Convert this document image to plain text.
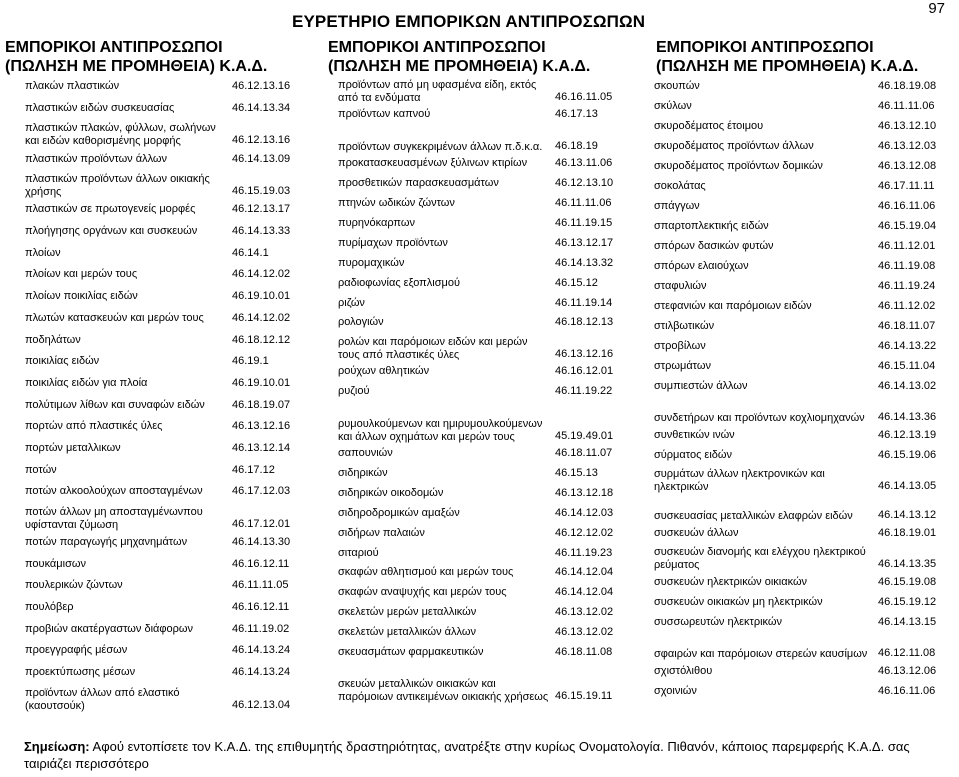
97
ΕΥΡΕΤΗΡΙΟ ΕΜΠΟΡΙΚΩΝ ΑΝΤΙΠΡΟΣΩΠΩΝ
ΕΜΠΟΡΙΚΟΙ ΑΝΤΙΠΡΟΣΩΠΟΙ
(ΠΩΛΗΣΗ ΜΕ ΠΡΟΜΗΘΕΙΑ) Κ.Α.Δ.
ΕΜΠΟΡΙΚΟΙ ΑΝΤΙΠΡΟΣΩΠΟΙ
(ΠΩΛΗΣΗ ΜΕ ΠΡΟΜΗΘΕΙΑ) Κ.Α.Δ.
ΕΜΠΟΡΙΚΟΙ ΑΝΤΙΠΡΟΣΩΠΟΙ
(ΠΩΛΗΣΗ ΜΕ ΠΡΟΜΗΘΕΙΑ) Κ.Α.Δ.
πλακών πλαστικών	46.12.13.16
πλαστικών ειδών συσκευασίας	46.14.13.34
πλαστικών πλακών, φύλλων, σωλήνων και ειδών καθορισμένης μορφής	46.12.13.16
πλαστικών προϊόντων άλλων	46.14.13.09
πλαστικών προϊόντων άλλων οικιακής χρήσης	46.15.19.03
πλαστικών σε πρωτογενείς μορφές	46.12.13.17
πλοήγησης οργάνων και συσκευών	46.14.13.33
πλοίων	46.14.1
πλοίων και μερών τους	46.14.12.02
πλοίων ποικιλίας ειδών	46.19.10.01
πλωτών κατασκευών και μερών τους	46.14.12.02
ποδηλάτων	46.18.12.12
ποικιλίας ειδών	46.19.1
ποικιλίας ειδών για πλοία	46.19.10.01
πολύτιμων λίθων και συναφών ειδών	46.18.19.07
πορτών από πλαστικές ύλες	46.13.12.16
πορτών μεταλλικων	46.13.12.14
ποτών	46.17.12
ποτών αλκοολούχων αποσταγμένων	46.17.12.03
ποτών άλλων μη αποσταγμένωνπου υφίστανται ζύμωση	46.17.12.01
ποτών παραγωγής μηχανημάτων	46.14.13.30
πουκάμισων	46.16.12.11
πουλερικών ζώντων	46.11.11.05
πουλόβερ	46.16.12.11
προβιών ακατέργαστων διάφορων	46.11.19.02
προεγγραφής μέσων	46.14.13.24
προεκτύπωσης μέσων	46.14.13.24
προϊόντων άλλων από ελαστικό (καουτσούκ)	46.12.13.04
προϊόντων από μη υφασμένα είδη, εκτός από τα ενδύματα	46.16.11.05
προϊόντων καπνού	46.17.13
προϊόντων συγκεκριμένων άλλων π.δ.κ.α.	46.18.19
προκατασκευασμένων ξύλινων κτιρίων	46.13.11.06
προσθετικών παρασκευασμάτων	46.12.13.10
πτηνών ωδικών ζώντων	46.11.11.06
πυρηνόκαρπων	46.11.19.15
πυρίμαχων προϊόντων	46.13.12.17
πυρομαχικών	46.14.13.32
ραδιοφωνίας εξοπλισμού	46.15.12
ριζών	46.11.19.14
ρολογιών	46.18.12.13
ρολών και παρόμοιων ειδών και μερών τους από πλαστικές ύλες	46.13.12.16
ρούχων αθλητικών	46.16.12.01
ρυζιού	46.11.19.22
ρυμουλκούμενων και ημιρυμουλκούμενων και άλλων οχημάτων και μερών τους	45.19.49.01
σαπουνιών	46.18.11.07
σιδηρικών	46.15.13
σιδηρικών οικοδομών	46.13.12.18
σιδηροδρομικών αμαξών	46.14.12.03
σιδήρων παλαιών	46.12.12.02
σιταριού	46.11.19.23
σκαφών αθλητισμού και μερών τους	46.14.12.04
σκαφών αναψυχής και μερών τους	46.14.12.04
σκελετών μερών μεταλλικών	46.13.12.02
σκελετών μεταλλικών άλλων	46.13.12.02
σκευασμάτων φαρμακευτικών	46.18.11.08
σκευών μεταλλικών οικιακών και παρόμοιων αντικειμένων οικιακής χρήσεως 46.15.19.11
σκουπών	46.18.19.08
σκύλων	46.11.11.06
σκυροδέματος έτοιμου	46.13.12.10
σκυροδέματος προϊόντων άλλων	46.13.12.03
σκυροδέματος προϊόντων δομικών	46.13.12.08
σοκολάτας	46.17.11.11
σπάγγων	46.16.11.06
σπαρτοπλεκτικής ειδών	46.15.19.04
σπόρων δασικών φυτών	46.11.12.01
σπόρων ελαιούχων	46.11.19.08
σταφυλιών	46.11.19.24
στεφανιών και παρόμοιων ειδών	46.11.12.02
στιλβωτικών	46.18.11.07
στροβίλων	46.14.13.22
στρωμάτων	46.15.11.04
συμπιεστών άλλων	46.14.13.02
συνδετήρων και προϊόντων κοχλιομηχανών	46.14.13.36
συνθετικών ινών	46.12.13.19
σύρματος ειδών	46.15.19.06
συρμάτων άλλων ηλεκτρονικών και ηλεκτρικών	46.14.13.05
συσκευασίας μεταλλικών ελαφρών ειδών	46.14.13.12
συσκευών άλλων	46.18.19.01
συσκευών διανομής και ελέγχου ηλεκτρικού ρεύματος	46.14.13.35
συσκευών ηλεκτρικών οικιακών	46.15.19.08
συσκευών οικιακών μη ηλεκτρικών	46.15.19.12
συσσωρευτών ηλεκτρικών	46.14.13.15
σφαιρών και παρόμοιων στερεών καυσίμων 46.12.11.08
σχιστόλιθου	46.13.12.06
σχοινιών	46.16.11.06
Σημείωση: Αφού εντοπίσετε τον Κ.Α.Δ. της επιθυμητής δραστηριότητας, ανατρέξτε στην κυρίως Ονοματολογία. Πιθανόν, κάποιος παρεμφερής Κ.Α.Δ. σας ταιριάζει περισσότερο
